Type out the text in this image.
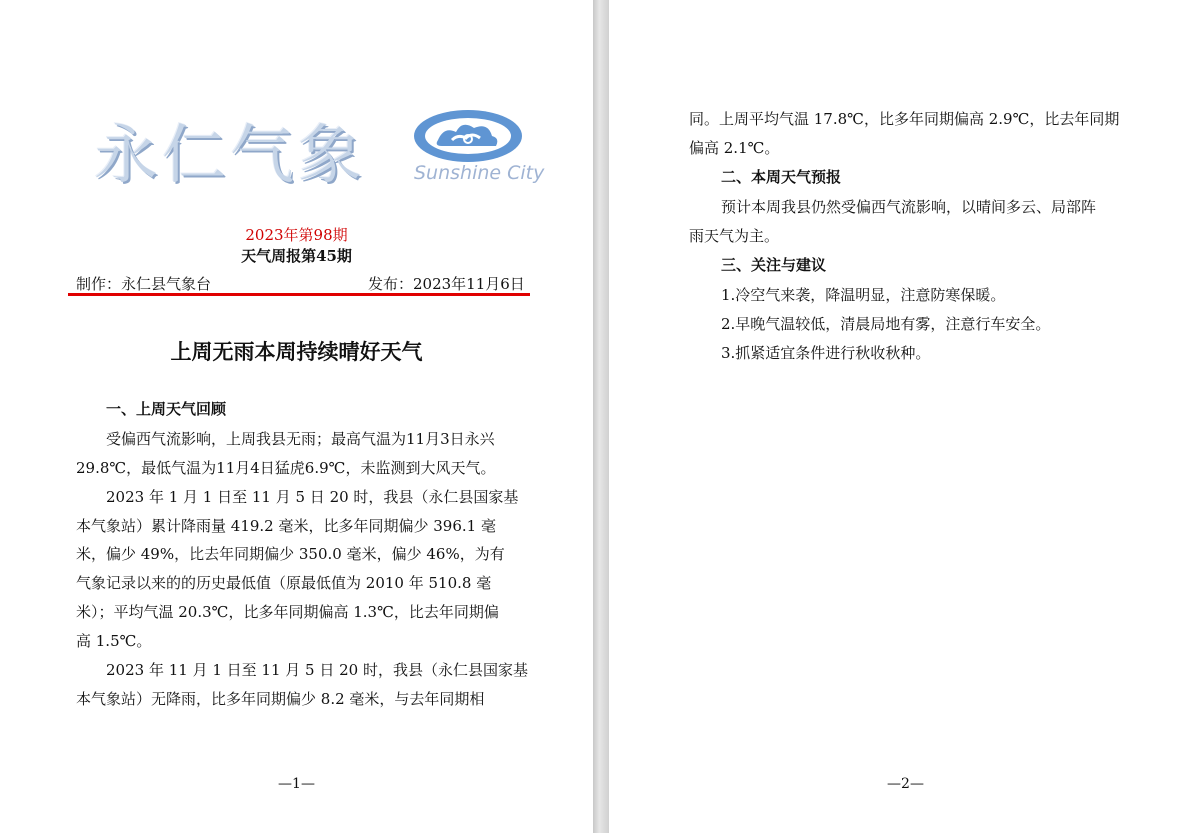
永仁气象	Sunshine City
2023年第98期
天气周报第45期
制作：永仁县气象台	发布：2023年11月6日
上周无雨本周持续晴好天气
一、上周天气回顾
受偏西气流影响，上周我县无雨；最高气温为11月3日永兴
29.8℃，最低气温为11月4日猛虎6.9℃，未监测到大风天气。
2023 年 1 月 1 日至 11 月 5 日 20 时，我县（永仁县国家基
本气象站）累计降雨量 419.2 毫米，比多年同期偏少 396.1 毫
米，偏少 49%，比去年同期偏少 350.0 毫米，偏少 46%，为有
气象记录以来的的历史最低值（原最低值为 2010 年 510.8 毫
米）；平均气温 20.3℃，比多年同期偏高 1.3℃，比去年同期偏
高 1.5℃。
2023 年 11 月 1 日至 11 月 5 日 20 时，我县（永仁县国家基
本气象站）无降雨，比多年同期偏少 8.2 毫米，与去年同期相
—1—
同。上周平均气温 17.8℃，比多年同期偏高 2.9℃，比去年同期
偏高 2.1℃。
二、本周天气预报
预计本周我县仍然受偏西气流影响，以晴间多云、局部阵
雨天气为主。
三、关注与建议
1.冷空气来袭，降温明显，注意防寒保暖。
2.早晚气温较低，清晨局地有雾，注意行车安全。
3.抓紧适宜条件进行秋收秋种。
—2—
